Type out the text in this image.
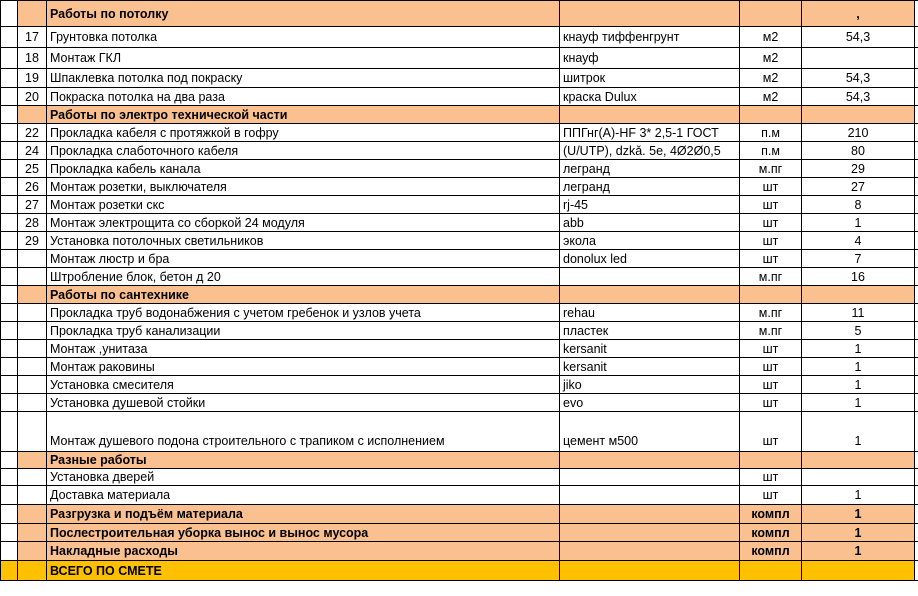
		Работы по потолку			,	
	17	Грунтовка потолка	кнауф тиффенгрунт	м2	54,3	
	18	Монтаж ГКЛ	кнауф	м2		
	19	Шпаклевка потолка под покраску	шитрок	м2	54,3	
	20	Покраска потолка на два раза	краска Dulux	м2	54,3	
		Работы по электро технической части				
	22	Прокладка кабеля с протяжкой в гофру	ППГнг(А)-HF 3* 2,5-1 ГОСТ	п.м	210	
	24	Прокладка слаботочного кабеля	(U/UTP), dzkǎ. 5e, 4Ø2Ø0,5	п.м	80	
	25	Прокладка кабель канала	легранд	м.пг	29	
	26	Монтаж розетки, выключателя	легранд	шт	27	
	27	Монтаж розетки скс	rj-45	шт	8	
	28	Монтаж электрощита со сборкой 24 модуля	abb	шт	1	
	29	Установка потолочных светильников	экола	шт	4	
		Монтаж люстр и бра	donolux led	шт	7	
		Штробление блок, бетон д 20		м.пг	16	
		Работы по сантехнике				
		Прокладка труб водонабжения с учетом гребенок и узлов учета	rehau	м.пг	11	
		Прокладка труб канализации	пластек	м.пг	5	
		Монтаж ,унитаза	kersanit	шт	1	
		Монтаж раковины	kersanit	шт	1	
		Установка смесителя	jiko	шт	1	
		Установка душевой стойки	evo	шт	1	
		Монтаж душевого подона строительного с трапиком с исполнением	цемент м500	шт	1	
		Разные работы				
		Установка дверей		шт		
		Доставка материала		шт	1	
		Разгрузка и подъём материала		компл	1	
		Послестроительная уборка вынос и вынос мусора		компл	1	
		Накладные расходы		компл	1	
		ВСЕГО ПО СМЕТЕ				
